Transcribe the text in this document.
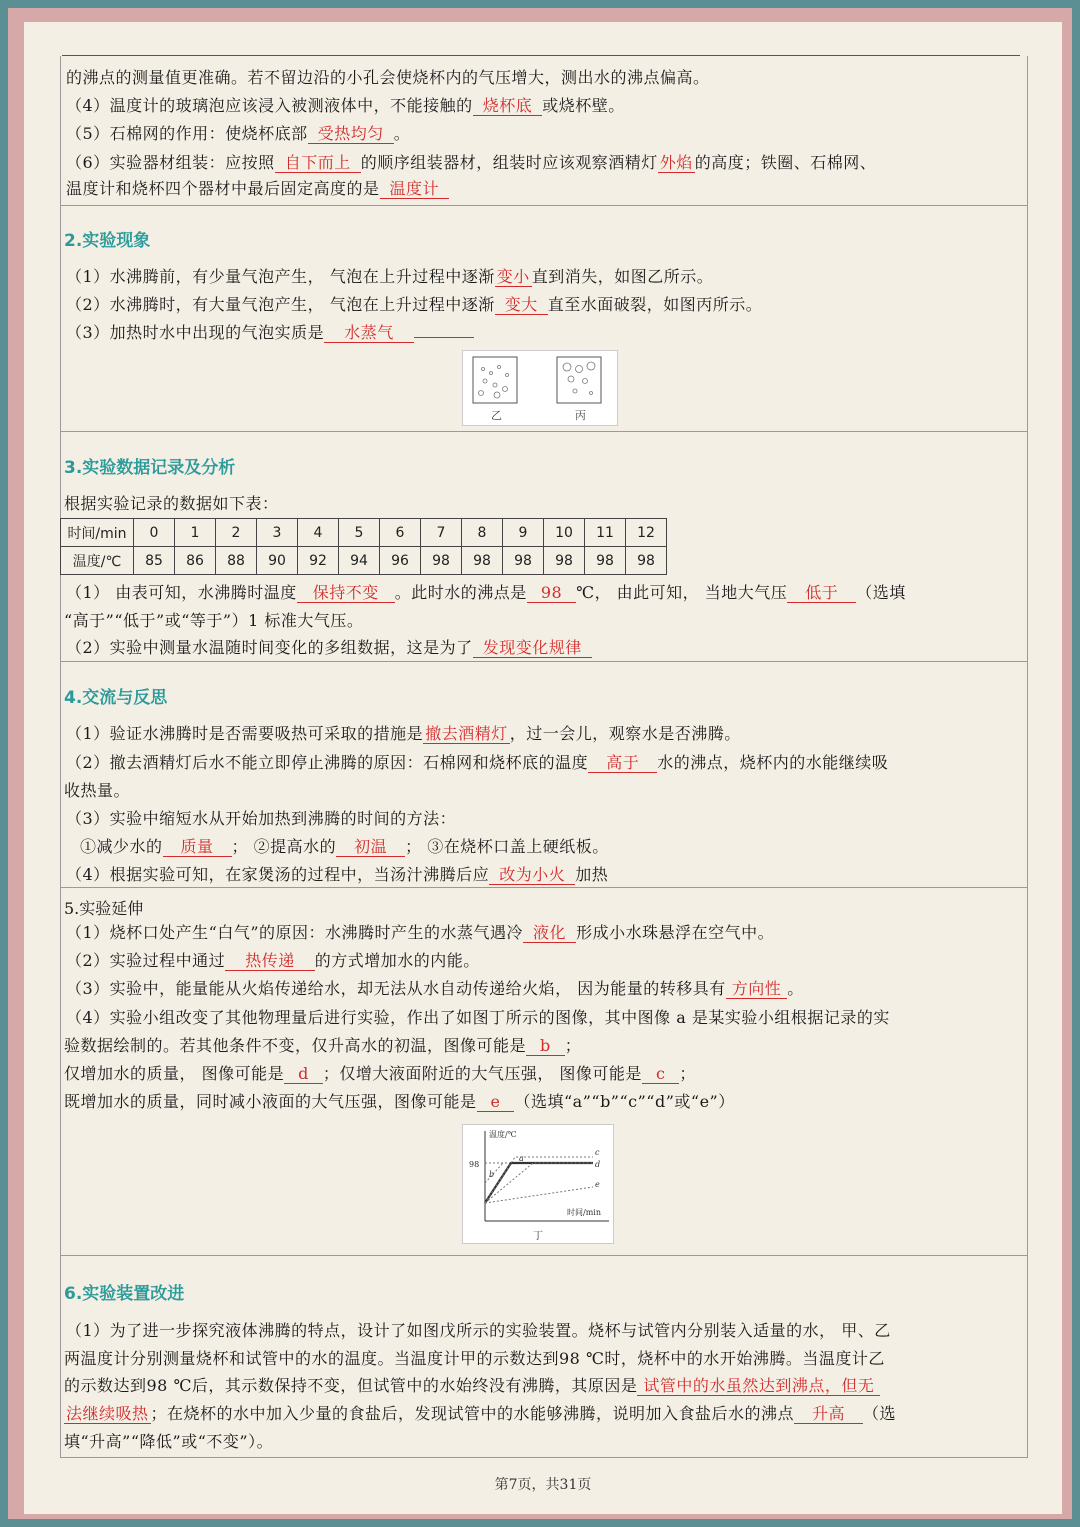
的沸点的测量值更准确。若不留边沿的小孔会使烧杯内的气压增大，测出水的沸点偏高。
（4）温度计的玻璃泡应该浸入被测液体中，不能接触的 烧杯底 或烧杯壁。
（5）石棉网的作用：使烧杯底部 受热均匀 。
（6）实验器材组装：应按照 自下而上 的顺序组装器材，组装时应该观察酒精灯 外焰 的高度；铁圈、石棉网、
温度计和烧杯四个器材中最后固定高度的是 温度计
2.实验现象
（1）水沸腾前，有少量气泡产生， 气泡在上升过程中逐渐 变小 直到消失，如图乙所示。
（2）水沸腾时，有大量气泡产生， 气泡在上升过程中逐渐 变大 直至水面破裂，如图丙所示。
（3）加热时水中出现的气泡实质是 水蒸气
乙	丙
3.实验数据记录及分析
根据实验记录的数据如下表：
时间/min	0	1	2	3	4	5	6	7	8	9	10	11	12
温度/℃	85	86	88	90	92	94	96	98	98	98	98	98	98
（1） 由表可知，水沸腾时温度 保持不变 。此时水的沸点是 98 ℃， 由此可知， 当地大气压 低于 （选填
“高于”“低于”或“等于”）1 标准大气压。
（2）实验中测量水温随时间变化的多组数据，这是为了 发现变化规律
4.交流与反思
（1）验证水沸腾时是否需要吸热可采取的措施是 撤去酒精灯 ，过一会儿，观察水是否沸腾。
（2）撤去酒精灯后水不能立即停止沸腾的原因：石棉网和烧杯底的温度 高于 水的沸点，烧杯内的水能继续吸
收热量。
（3）实验中缩短水从开始加热到沸腾的时间的方法：
①减少水的 质量 ； ②提高水的 初温 ； ③在烧杯口盖上硬纸板。
（4）根据实验可知，在家煲汤的过程中，当汤汁沸腾后应 改为小火 加热
5.实验延伸
（1）烧杯口处产生“白气”的原因：水沸腾时产生的水蒸气遇冷 液化 形成小水珠悬浮在空气中。
（2）实验过程中通过 热传递 的方式增加水的内能。
（3）实验中，能量能从火焰传递给水，却无法从水自动传递给火焰， 因为能量的转移具有 方向性 。
（4）实验小组改变了其他物理量后进行实验，作出了如图丁所示的图像，其中图像 a 是某实验小组根据记录的实
验数据绘制的。若其他条件不变，仅升高水的初温，图像可能是 b ；
仅增加水的质量， 图像可能是 d ；仅增大液面附近的大气压强， 图像可能是 c ；
既增加水的质量，同时减小液面的大气压强，图像可能是 e （选填“a”“b”“c”“d”或“e”）
温度/℃
时间/min
98
a
b
c
d
e
丁
6.实验装置改进
（1）为了进一步探究液体沸腾的特点，设计了如图戊所示的实验装置。烧杯与试管内分别装入适量的水， 甲、乙
两温度计分别测量烧杯和试管中的水的温度。当温度计甲的示数达到98 ℃时，烧杯中的水开始沸腾。当温度计乙
的示数达到98 ℃后，其示数保持不变，但试管中的水始终没有沸腾，其原因是 试管中的水虽然达到沸点，但无
法继续吸热 ；在烧杯的水中加入少量的食盐后，发现试管中的水能够沸腾，说明加入食盐后水的沸点 升高 （选
填“升高”“降低”或“不变”）。
第7页，共31页
